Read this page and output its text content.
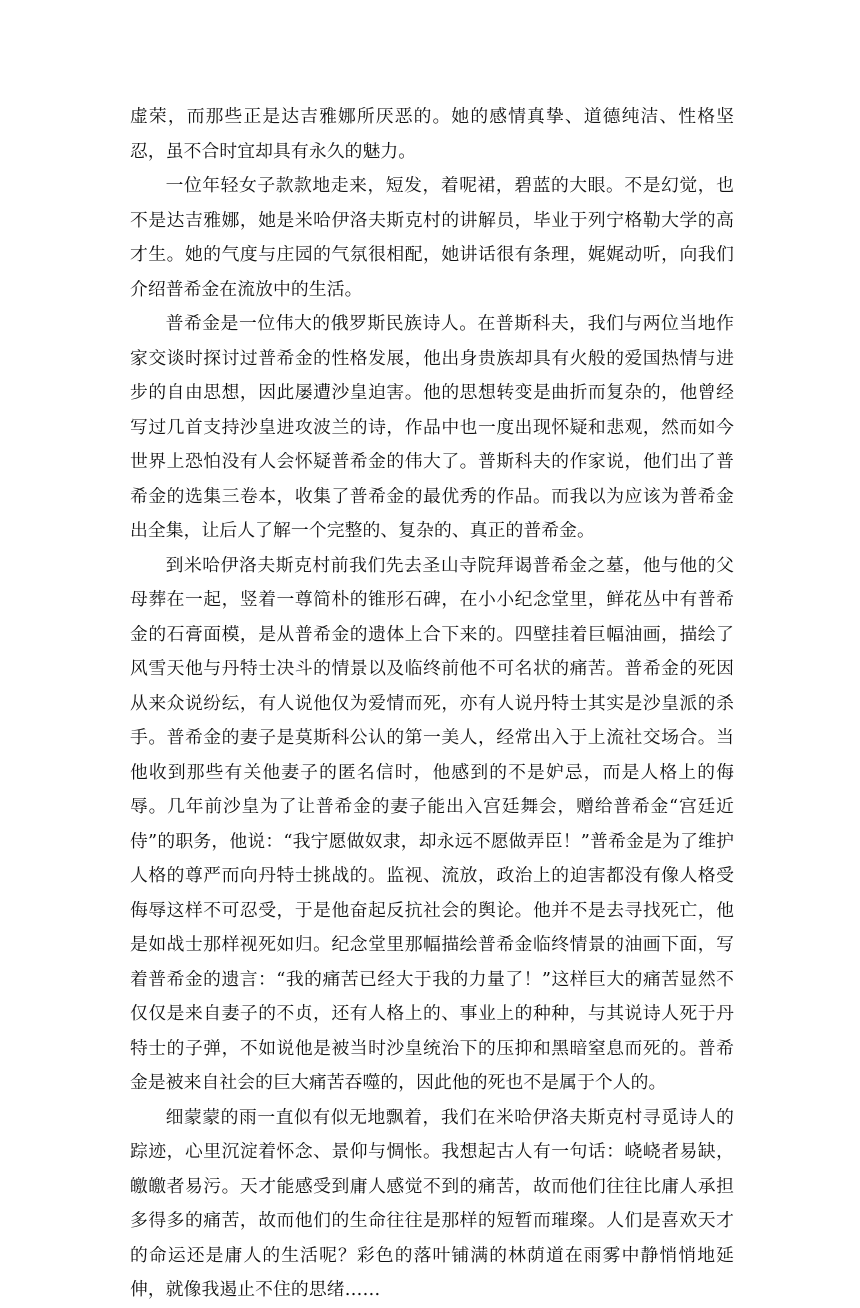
虚荣，而那些正是达吉雅娜所厌恶的。她的感情真挚、道德纯洁、性格坚忍，虽不合时宜却具有永久的魅力。

一位年轻女子款款地走来，短发，着呢裙，碧蓝的大眼。不是幻觉，也不是达吉雅娜，她是米哈伊洛夫斯克村的讲解员，毕业于列宁格勒大学的高才生。她的气度与庄园的气氛很相配，她讲话很有条理，娓娓动听，向我们介绍普希金在流放中的生活。

普希金是一位伟大的俄罗斯民族诗人。在普斯科夫，我们与两位当地作家交谈时探讨过普希金的性格发展，他出身贵族却具有火般的爱国热情与进步的自由思想，因此屡遭沙皇迫害。他的思想转变是曲折而复杂的，他曾经写过几首支持沙皇进攻波兰的诗，作品中也一度出现怀疑和悲观，然而如今世界上恐怕没有人会怀疑普希金的伟大了。普斯科夫的作家说，他们出了普希金的选集三卷本，收集了普希金的最优秀的作品。而我以为应该为普希金出全集，让后人了解一个完整的、复杂的、真正的普希金。

到米哈伊洛夫斯克村前我们先去圣山寺院拜谒普希金之墓，他与他的父母葬在一起，竖着一尊简朴的锥形石碑，在小小纪念堂里，鲜花丛中有普希金的石膏面模，是从普希金的遗体上合下来的。四壁挂着巨幅油画，描绘了风雪天他与丹特士决斗的情景以及临终前他不可名状的痛苦。普希金的死因从来众说纷纭，有人说他仅为爱情而死，亦有人说丹特士其实是沙皇派的杀手。普希金的妻子是莫斯科公认的第一美人，经常出入于上流社交场合。当他收到那些有关他妻子的匿名信时，他感到的不是妒忌，而是人格上的侮辱。几年前沙皇为了让普希金的妻子能出入宫廷舞会，赠给普希金“宫廷近侍”的职务，他说：“我宁愿做奴隶，却永远不愿做弄臣！”普希金是为了维护人格的尊严而向丹特士挑战的。监视、流放，政治上的迫害都没有像人格受侮辱这样不可忍受，于是他奋起反抗社会的舆论。他并不是去寻找死亡，他是如战士那样视死如归。纪念堂里那幅描绘普希金临终情景的油画下面，写着普希金的遗言：“我的痛苦已经大于我的力量了！”这样巨大的痛苦显然不仅仅是来自妻子的不贞，还有人格上的、事业上的种种，与其说诗人死于丹特士的子弹，不如说他是被当时沙皇统治下的压抑和黑暗窒息而死的。普希金是被来自社会的巨大痛苦吞噬的，因此他的死也不是属于个人的。

细蒙蒙的雨一直似有似无地飘着，我们在米哈伊洛夫斯克村寻觅诗人的踪迹，心里沉淀着怀念、景仰与惆怅。我想起古人有一句话：峣峣者易缺，皦皦者易污。天才能感受到庸人感觉不到的痛苦，故而他们往往比庸人承担多得多的痛苦，故而他们的生命往往是那样的短暂而璀璨。人们是喜欢天才的命运还是庸人的生活呢？彩色的落叶铺满的林荫道在雨雾中静悄悄地延伸，就像我遏止不住的思绪……
